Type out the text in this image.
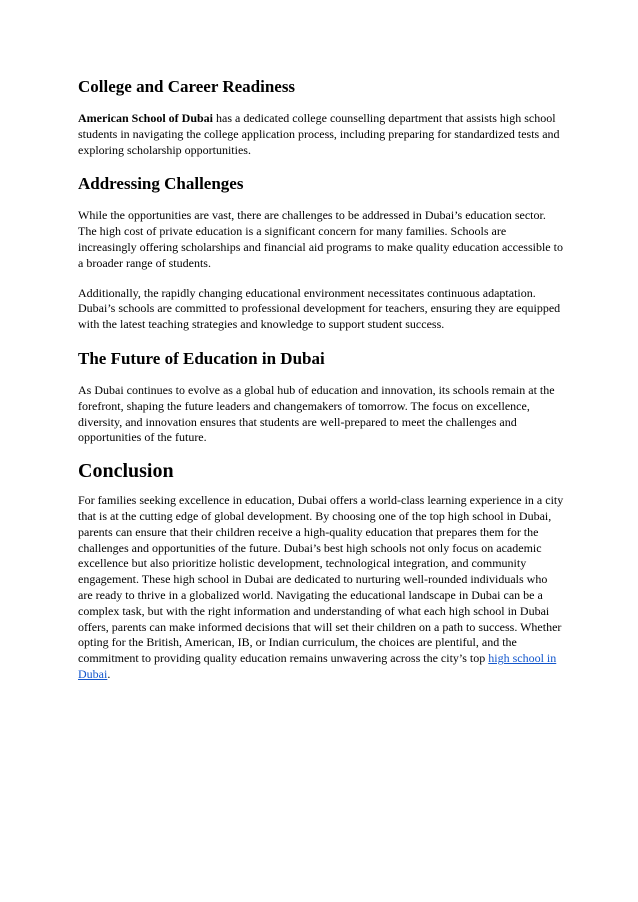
College and Career Readiness

American School of Dubai has a dedicated college counselling department that assists high school students in navigating the college application process, including preparing for standardized tests and exploring scholarship opportunities.

Addressing Challenges

While the opportunities are vast, there are challenges to be addressed in Dubai’s education sector. The high cost of private education is a significant concern for many families. Schools are increasingly offering scholarships and financial aid programs to make quality education accessible to a broader range of students.

Additionally, the rapidly changing educational environment necessitates continuous adaptation. Dubai’s schools are committed to professional development for teachers, ensuring they are equipped with the latest teaching strategies and knowledge to support student success.

The Future of Education in Dubai

As Dubai continues to evolve as a global hub of education and innovation, its schools remain at the forefront, shaping the future leaders and changemakers of tomorrow. The focus on excellence, diversity, and innovation ensures that students are well-prepared to meet the challenges and opportunities of the future.

Conclusion

For families seeking excellence in education, Dubai offers a world-class learning experience in a city that is at the cutting edge of global development. By choosing one of the top high school in Dubai, parents can ensure that their children receive a high-quality education that prepares them for the challenges and opportunities of the future. Dubai’s best high schools not only focus on academic excellence but also prioritize holistic development, technological integration, and community engagement. These high school in Dubai are dedicated to nurturing well-rounded individuals who are ready to thrive in a globalized world. Navigating the educational landscape in Dubai can be a complex task, but with the right information and understanding of what each high school in Dubai offers, parents can make informed decisions that will set their children on a path to success. Whether opting for the British, American, IB, or Indian curriculum, the choices are plentiful, and the commitment to providing quality education remains unwavering across the city’s top high school in Dubai.
